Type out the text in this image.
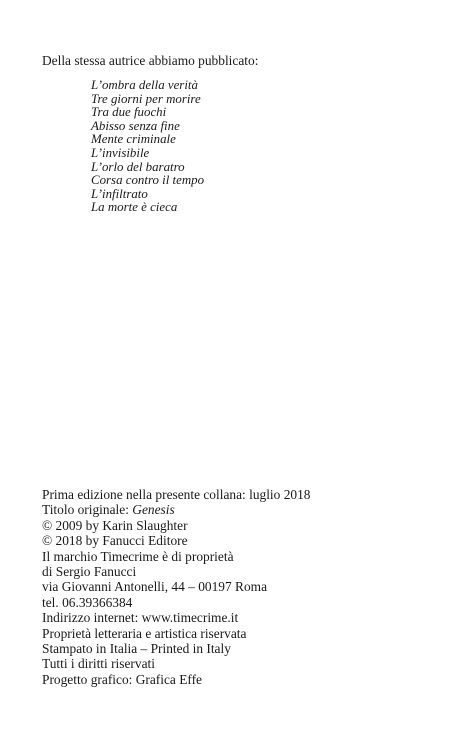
Della stessa autrice abbiamo pubblicato:
L’ombra della verità
Tre giorni per morire
Tra due fuochi
Abisso senza fine
Mente criminale
L’invisibile
L’orlo del baratro
Corsa contro il tempo
L’infiltrato
La morte è cieca
Prima edizione nella presente collana: luglio 2018
Titolo originale: Genesis
© 2009 by Karin Slaughter
© 2018 by Fanucci Editore
Il marchio Timecrime è di proprietà
di Sergio Fanucci
via Giovanni Antonelli, 44 – 00197 Roma
tel. 06.39366384
Indirizzo internet: www.timecrime.it
Proprietà letteraria e artistica riservata
Stampato in Italia – Printed in Italy
Tutti i diritti riservati
Progetto grafico: Grafica Effe
